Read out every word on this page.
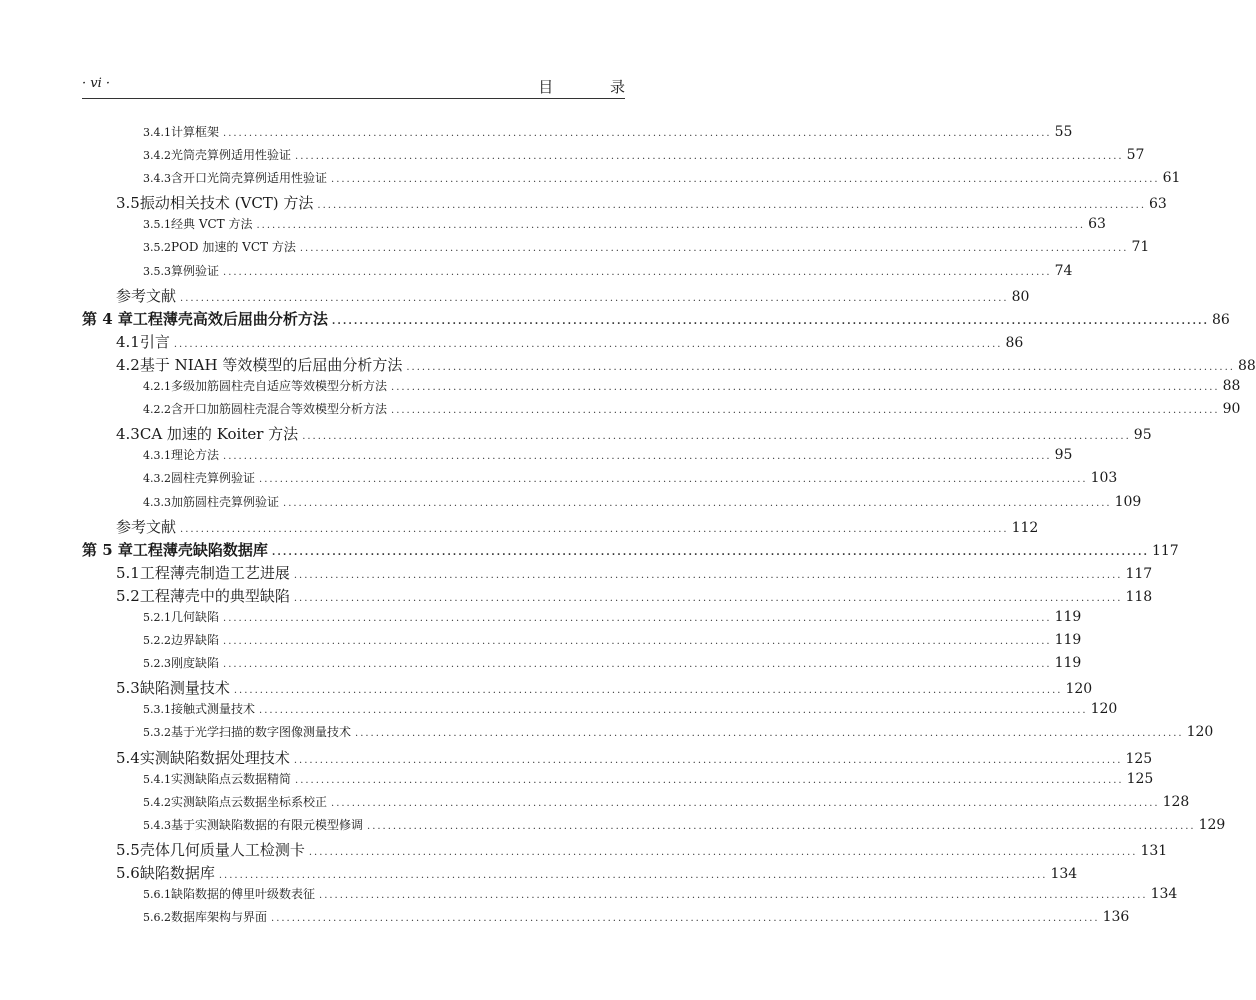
· vi ·	目 录
3.4.1 计算框架 ................................................................................................................................................................ 55
3.4.2 光筒壳算例适用性验证 ................................................................................................................................................................ 57
3.4.3 含开口光筒壳算例适用性验证 ................................................................................................................................................................ 61
3.5 振动相关技术 (VCT) 方法 ................................................................................................................................................................ 63
3.5.1 经典 VCT 方法 ................................................................................................................................................................ 63
3.5.2 POD 加速的 VCT 方法 ................................................................................................................................................................ 71
3.5.3 算例验证 ................................................................................................................................................................ 74
参考文献 ................................................................................................................................................................ 80
第 4 章 工程薄壳高效后屈曲分析方法 ................................................................................................................................................................ 86
4.1 引言 ................................................................................................................................................................ 86
4.2 基于 NIAH 等效模型的后屈曲分析方法 ................................................................................................................................................................ 88
4.2.1 多级加筋圆柱壳自适应等效模型分析方法 ................................................................................................................................................................ 88
4.2.2 含开口加筋圆柱壳混合等效模型分析方法 ................................................................................................................................................................ 90
4.3 CA 加速的 Koiter 方法 ................................................................................................................................................................ 95
4.3.1 理论方法 ................................................................................................................................................................ 95
4.3.2 圆柱壳算例验证 ................................................................................................................................................................ 103
4.3.3 加筋圆柱壳算例验证 ................................................................................................................................................................ 109
参考文献 ................................................................................................................................................................ 112
第 5 章 工程薄壳缺陷数据库 ................................................................................................................................................................ 117
5.1 工程薄壳制造工艺进展 ................................................................................................................................................................ 117
5.2 工程薄壳中的典型缺陷 ................................................................................................................................................................ 118
5.2.1 几何缺陷 ................................................................................................................................................................ 119
5.2.2 边界缺陷 ................................................................................................................................................................ 119
5.2.3 刚度缺陷 ................................................................................................................................................................ 119
5.3 缺陷测量技术 ................................................................................................................................................................ 120
5.3.1 接触式测量技术 ................................................................................................................................................................ 120
5.3.2 基于光学扫描的数字图像测量技术 ................................................................................................................................................................ 120
5.4 实测缺陷数据处理技术 ................................................................................................................................................................ 125
5.4.1 实测缺陷点云数据精简 ................................................................................................................................................................ 125
5.4.2 实测缺陷点云数据坐标系校正 ................................................................................................................................................................ 128
5.4.3 基于实测缺陷数据的有限元模型修调 ................................................................................................................................................................ 129
5.5 壳体几何质量人工检测卡 ................................................................................................................................................................ 131
5.6 缺陷数据库 ................................................................................................................................................................ 134
5.6.1 缺陷数据的傅里叶级数表征 ................................................................................................................................................................ 134
5.6.2 数据库架构与界面 ................................................................................................................................................................ 136
